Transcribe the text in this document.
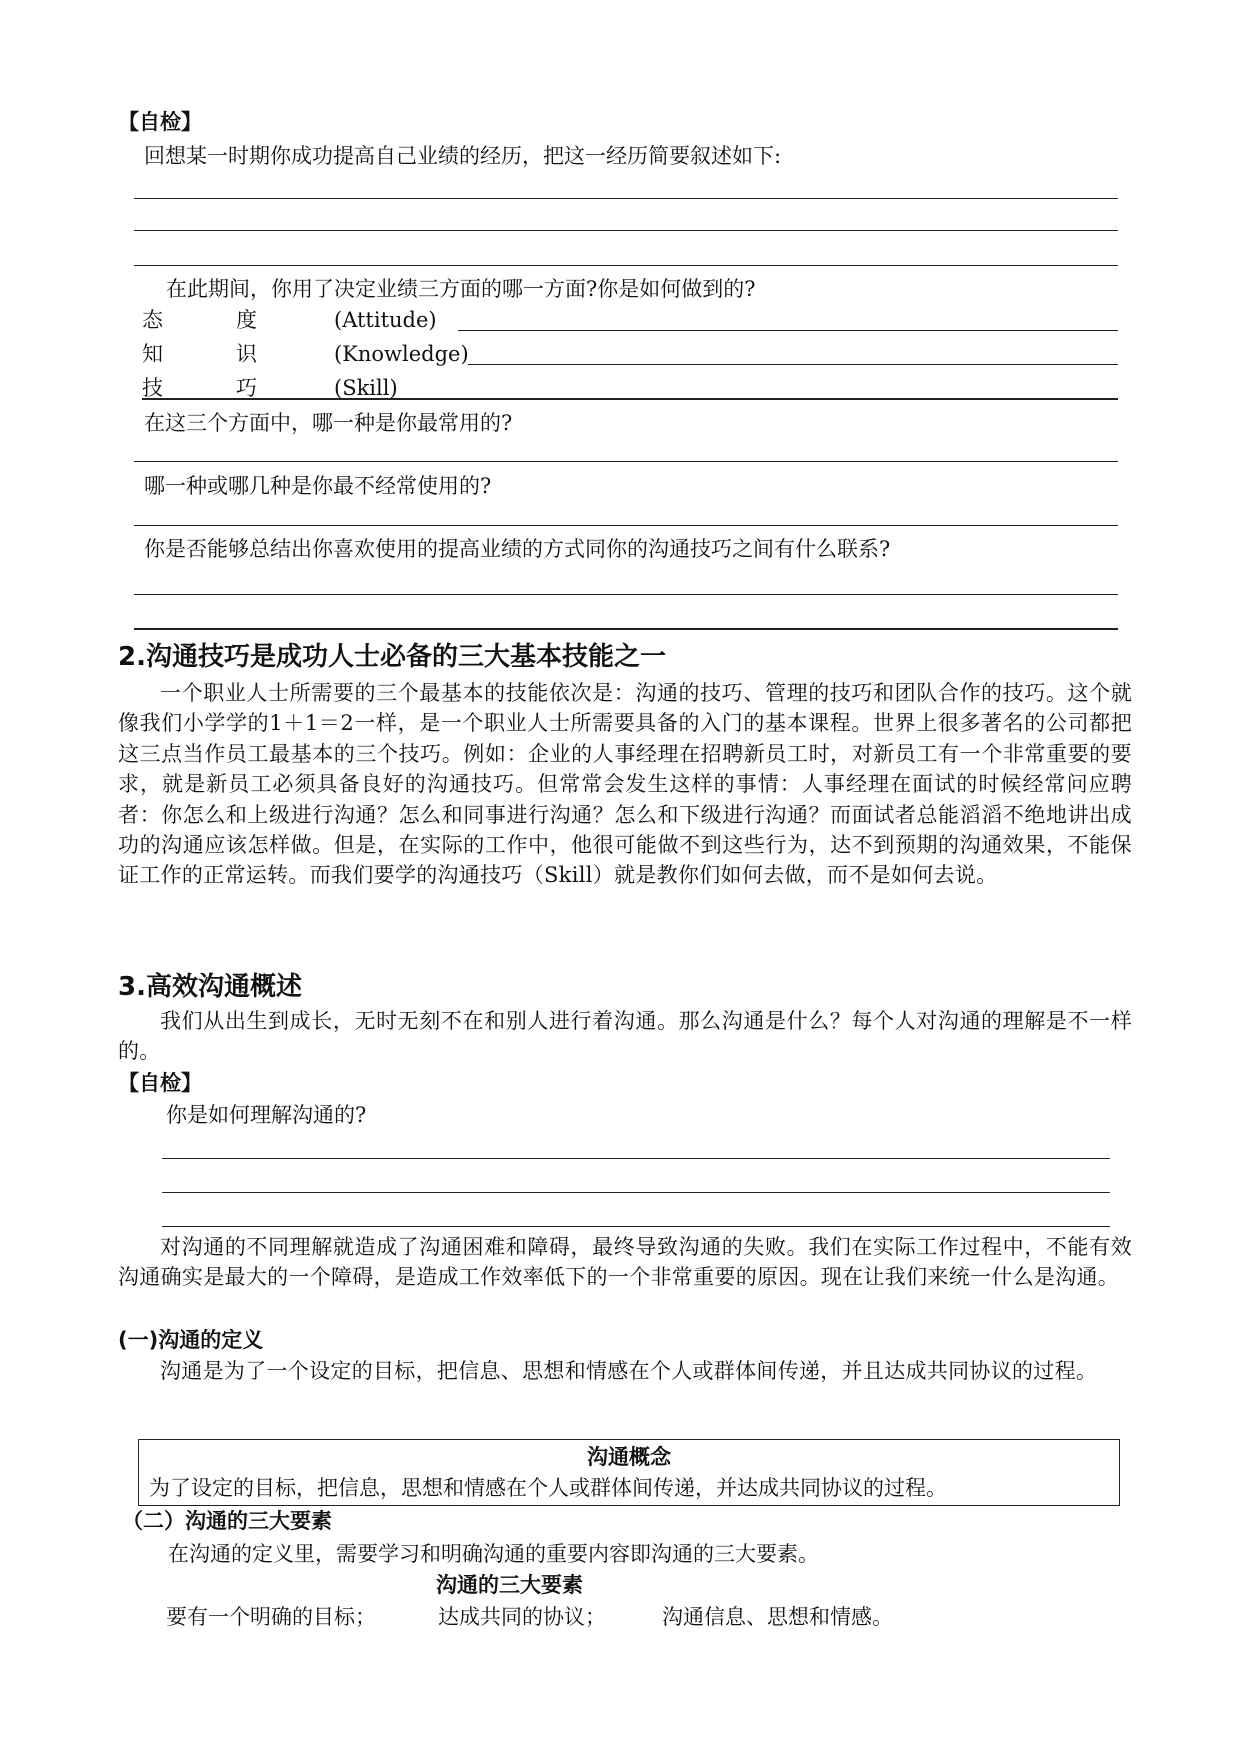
【自检】
回想某一时期你成功提高自己业绩的经历，把这一经历简要叙述如下:
在此期间，你用了决定业绩三方面的哪一方面?你是如何做到的?
态	度	(Attitude)
知	识	(Knowledge)
技	巧	(Skill)
在这三个方面中，哪一种是你最常用的?
哪一种或哪几种是你最不经常使用的?
你是否能够总结出你喜欢使用的提高业绩的方式同你的沟通技巧之间有什么联系?
2.沟通技巧是成功人士必备的三大基本技能之一

一个职业人士所需要的三个最基本的技能依次是：沟通的技巧、管理的技巧和团队合作的技巧。这个就像我们小学学的1＋1＝2一样，是一个职业人士所需要具备的入门的基本课程。世界上很多著名的公司都把这三点当作员工最基本的三个技巧。例如：企业的人事经理在招聘新员工时，对新员工有一个非常重要的要求，就是新员工必须具备良好的沟通技巧。但常常会发生这样的事情：人事经理在面试的时候经常问应聘者：你怎么和上级进行沟通？怎么和同事进行沟通？怎么和下级进行沟通？而面试者总能滔滔不绝地讲出成功的沟通应该怎样做。但是，在实际的工作中，他很可能做不到这些行为，达不到预期的沟通效果，不能保证工作的正常运转。而我们要学的沟通技巧（Skill）就是教你们如何去做，而不是如何去说。

3.高效沟通概述

我们从出生到成长，无时无刻不在和别人进行着沟通。那么沟通是什么？每个人对沟通的理解是不一样的。

【自检】
你是如何理解沟通的?

对沟通的不同理解就造成了沟通困难和障碍，最终导致沟通的失败。我们在实际工作过程中，不能有效沟通确实是最大的一个障碍，是造成工作效率低下的一个非常重要的原因。现在让我们来统一什么是沟通。

(一)沟通的定义

沟通是为了一个设定的目标，把信息、思想和情感在个人或群体间传递，并且达成共同协议的过程。

沟通概念
为了设定的目标，把信息，思想和情感在个人或群体间传递，并达成共同协议的过程。
（二）沟通的三大要素
在沟通的定义里，需要学习和明确沟通的重要内容即沟通的三大要素。
沟通的三大要素
要有一个明确的目标；	达成共同的协议；	沟通信息、思想和情感。
